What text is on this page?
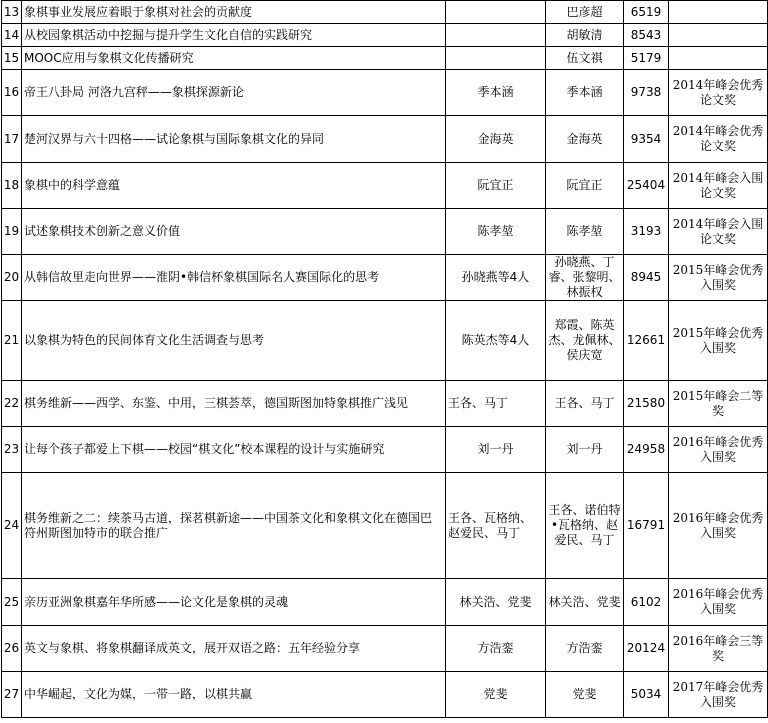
13	象棋事业发展应着眼于象棋对社会的贡献度		巴彦超	6519	
14	从校园象棋活动中挖掘与提升学生文化自信的实践研究		胡敏清	8543	
15	MOOC应用与象棋文化传播研究		伍文祺	5179	
16	帝王八卦局 河洛九宫秤——象棋探源新论	季本涵	季本涵	9738	2014年峰会优秀论文奖
17	楚河汉界与六十四格——试论象棋与国际象棋文化的异同	金海英	金海英	9354	2014年峰会优秀论文奖
18	象棋中的科学意蕴	阮宜正	阮宜正	25404	2014年峰会入围论文奖
19	试述象棋技术创新之意义价值	陈孝堃	陈孝堃	3193	2014年峰会入围论文奖
20	从韩信故里走向世界——淮阴•韩信杯象棋国际名人赛国际化的思考	孙晓燕等4人	孙晓燕、丁睿、张黎明、林振权	8945	2015年峰会优秀入围奖
21	以象棋为特色的民间体育文化生活调查与思考	陈英杰等4人	郑霞、陈英杰、龙佩林、侯庆宽	12661	2015年峰会优秀入围奖
22	棋务维新——西学、东鉴、中用，三棋荟萃，德国斯图加特象棋推广浅见	王各、马丁	王各、马丁	21580	2015年峰会二等奖
23	让每个孩子都爱上下棋——校园“棋文化”校本课程的设计与实施研究	刘一丹	刘一丹	24958	2016年峰会优秀入围奖
24	棋务维新之二：续茶马古道，探茗棋新途——中国茶文化和象棋文化在德国巴符州斯图加特市的联合推广	王各、瓦格纳、赵爱民、马丁	王各、诺伯特•瓦格纳、赵爱民、马丁	16791	2016年峰会优秀入围奖
25	亲历亚洲象棋嘉年华所感——论文化是象棋的灵魂	林关浩、党斐	林关浩、党斐	6102	2016年峰会优秀入围奖
26	英文与象棋、将象棋翻译成英文，展开双语之路：五年经验分享	方浩銮	方浩銮	20124	2016年峰会三等奖
27	中华崛起，文化为媒，一带一路，以棋共赢	党斐	党斐	5034	2017年峰会优秀入围奖
